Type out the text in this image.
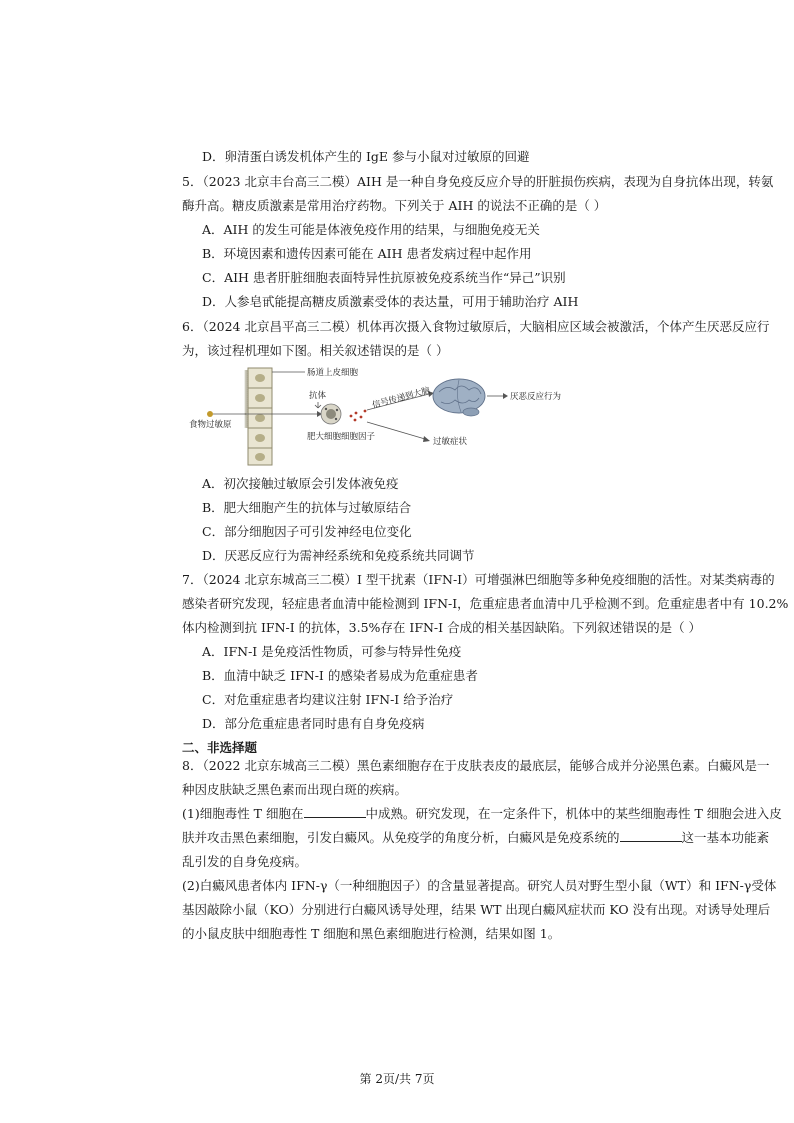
D．卵清蛋白诱发机体产生的 IgE 参与小鼠对过敏原的回避
5．（2023 北京丰台高三二模）AIH 是一种自身免疫反应介导的肝脏损伤疾病，表现为自身抗体出现，转氨
酶升高。糖皮质激素是常用治疗药物。下列关于 AIH 的说法不正确的是（ ）
A．AIH 的发生可能是体液免疫作用的结果，与细胞免疫无关
B．环境因素和遗传因素可能在 AIH 患者发病过程中起作用
C．AIH 患者肝脏细胞表面特异性抗原被免疫系统当作“异己”识别
D．人参皂甙能提高糖皮质激素受体的表达量，可用于辅助治疗 AIH
6．（2024 北京昌平高三二模）机体再次摄入食物过敏原后，大脑相应区域会被激活，个体产生厌恶反应行
为，该过程机理如下图。相关叙述错误的是（ ）
肠道上皮细胞
食物过敏原
抗体
肥大细胞 细胞因子
信号传递到大脑	厌恶反应行为
过敏症状
A．初次接触过敏原会引发体液免疫
B．肥大细胞产生的抗体与过敏原结合
C．部分细胞因子可引发神经电位变化
D．厌恶反应行为需神经系统和免疫系统共同调节
7．（2024 北京东城高三二模）I 型干扰素（IFN-I）可增强淋巴细胞等多种免疫细胞的活性。对某类病毒的
感染者研究发现，轻症患者血清中能检测到 IFN-I，危重症患者血清中几乎检测不到。危重症患者中有 10.2%
体内检测到抗 IFN-I 的抗体，3.5%存在 IFN-I 合成的相关基因缺陷。下列叙述错误的是（ ）
A．IFN-I 是免疫活性物质，可参与特异性免疫
B．血清中缺乏 IFN-I 的感染者易成为危重症患者
C．对危重症患者均建议注射 IFN-I 给予治疗
D．部分危重症患者同时患有自身免疫病
二、非选择题
8．（2022 北京东城高三二模）黑色素细胞存在于皮肤表皮的最底层，能够合成并分泌黑色素。白癜风是一
种因皮肤缺乏黑色素而出现白斑的疾病。
(1)细胞毒性 T 细胞在	中成熟。研究发现，在一定条件下，机体中的某些细胞毒性 T 细胞会进入皮
肤并攻击黑色素细胞，引发白癜风。从免疫学的角度分析，白癜风是免疫系统的	这一基本功能紊
乱引发的自身免疫病。
(2)白癜风患者体内 IFN-γ（一种细胞因子）的含量显著提高。研究人员对野生型小鼠（WT）和 IFN-γ受体
基因敲除小鼠（KO）分别进行白癜风诱导处理，结果 WT 出现白癜风症状而 KO 没有出现。对诱导处理后
的小鼠皮肤中细胞毒性 T 细胞和黑色素细胞进行检测，结果如图 1。
第 2页/共 7页
